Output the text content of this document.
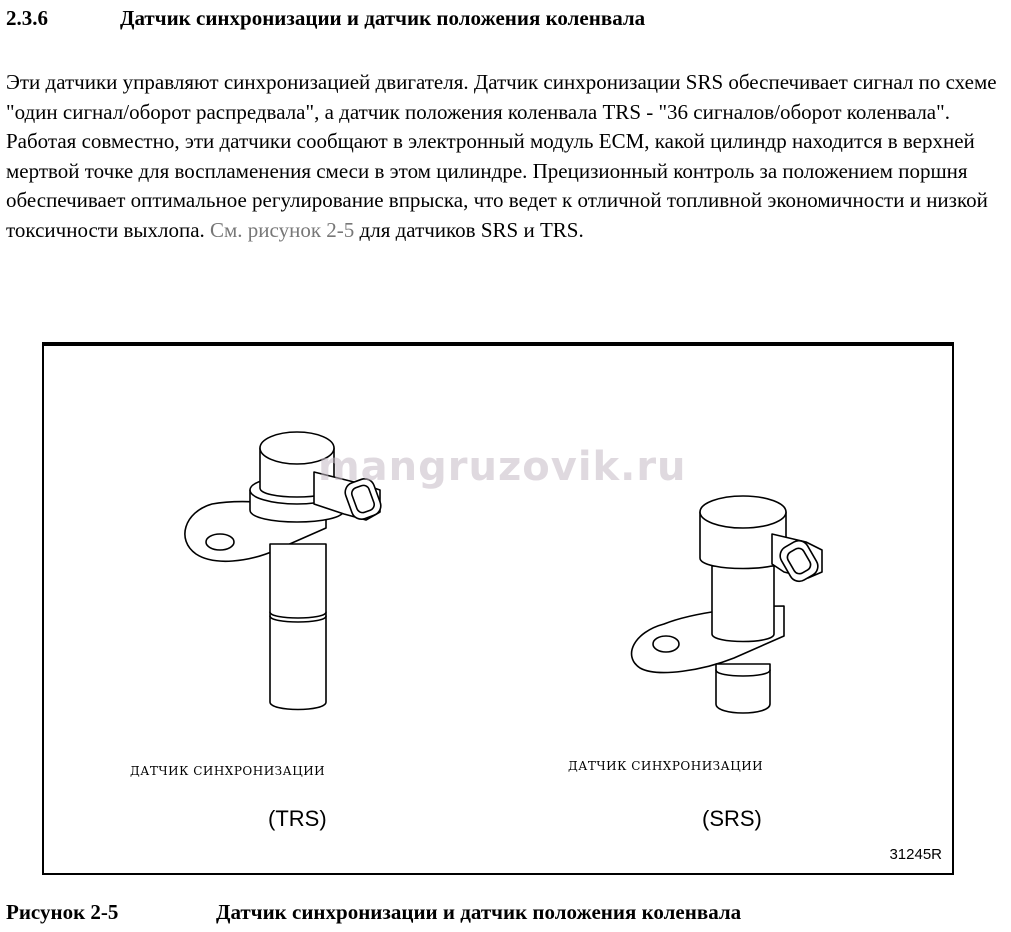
2.3.6	Датчик синхронизации и датчик положения коленвала
Эти датчики управляют синхронизацией двигателя. Датчик синхронизации SRS обеспечивает сигнал по схеме "один сигнал/оборот распредвала", а датчик положения коленвала TRS - "36 сигналов/оборот коленвала". Работая совместно, эти датчики сообщают в электронный модуль ECM, какой цилиндр находится в верхней мертвой точке для воспламенения смеси в этом цилиндре. Прецизионный контроль за положением поршня обеспечивает оптимальное регулирование впрыска, что ведет к отличной топливной экономичности и низкой токсичности выхлопа. См. рисунок 2-5 для датчиков SRS и TRS.
mangruzovik.ru
ДАТЧИК СИНХРОНИЗАЦИИ
(TRS)
ДАТЧИК СИНХРОНИЗАЦИИ
(SRS)
31245R
Рисунок 2-5	Датчик синхронизации и датчик положения коленвала
